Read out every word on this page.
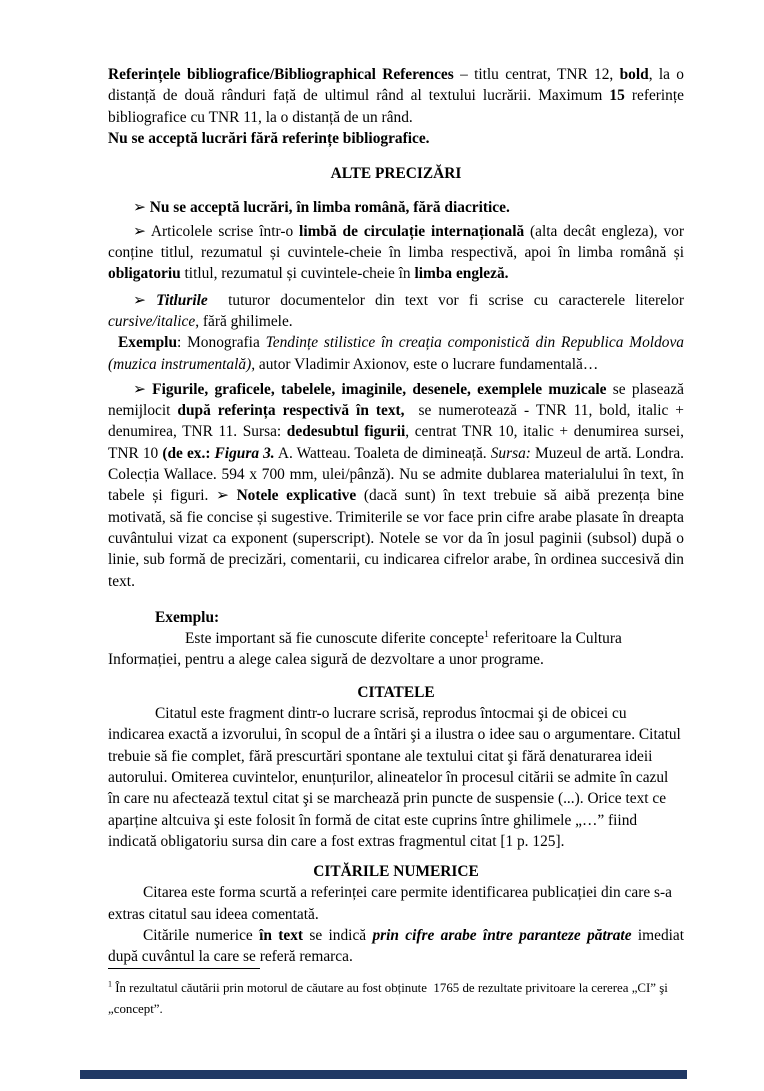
Referințele bibliografice/Bibliographical References – titlu centrat, TNR 12, bold, la o distanță de două rânduri față de ultimul rând al textului lucrării. Maximum 15 referințe bibliografice cu TNR 11, la o distanță de un rând.

Nu se acceptă lucrări fără referințe bibliografice.

ALTE PRECIZĂRI

➢ Nu se acceptă lucrări, în limba română, fără diacritice.

➢ Articolele scrise într-o limbă de circulație internațională (alta decât engleza), vor conține titlul, rezumatul și cuvintele-cheie în limba respectivă, apoi în limba română și obligatoriu titlul, rezumatul și cuvintele-cheie în limba engleză.

➢ Titlurile  tuturor documentelor din text vor fi scrise cu caracterele literelor cursive/italice, fără ghilimele.

Exemplu: Monografia Tendințe stilistice în creația componistică din Republica Moldova (muzica instrumentală), autor Vladimir Axionov, este o lucrare fundamentală…

➢ Figurile, graficele, tabelele, imaginile, desenele, exemplele muzicale se plasează nemijlocit după referința respectivă în text,  se numerotează - TNR 11, bold, italic + denumirea, TNR 11. Sursa: dedesubtul figurii, centrat TNR 10, italic + denumirea sursei, TNR 10 (de ex.: Figura 3. A. Watteau. Toaleta de dimineață. Sursa: Muzeul de artă. Londra. Colecția Wallace. 594 x 700 mm, ulei/pânză). Nu se admite dublarea materialului în text, în tabele și figuri. ➢ Notele explicative (dacă sunt) în text trebuie să aibă prezența bine motivată, să fie concise și sugestive. Trimiterile se vor face prin cifre arabe plasate în dreapta cuvântului vizat ca exponent (superscript). Notele se vor da în josul paginii (subsol) după o linie, sub formă de precizări, comentarii, cu indicarea cifrelor arabe, în ordinea succesivă din text.

Exemplu:

Este important să fie cunoscute diferite concepte$^1$ referitoare la Cultura Informației, pentru a alege calea sigură de dezvoltare a unor programe.

CITATELE

Citatul este fragment dintr-o lucrare scrisă, reprodus întocmai şi de obicei cu indicarea exactă a izvorului, în scopul de a întări şi a ilustra o idee sau o argumentare. Citatul trebuie să fie complet, fără prescurtări spontane ale textului citat şi fără denaturarea ideii autorului. Omiterea cuvintelor, enunțurilor, alineatelor în procesul citării se admite în cazul în care nu afectează textul citat şi se marchează prin puncte de suspensie (...). Orice text ce aparține altcuiva şi este folosit în formă de citat este cuprins între ghilimele „…” fiind indicată obligatoriu sursa din care a fost extras fragmentul citat [1 p. 125].

CITĂRILE NUMERICE

Citarea este forma scurtă a referinței care permite identificarea publicației din care s-a extras citatul sau ideea comentată.

Citările numerice în text se indică prin cifre arabe între paranteze pătrate imediat după cuvântul la care se referă remarca.

$^1$ În rezultatul căutării prin motorul de căutare au fost obținute  1765 de rezultate privitoare la cererea „CI” şi „concept”.
